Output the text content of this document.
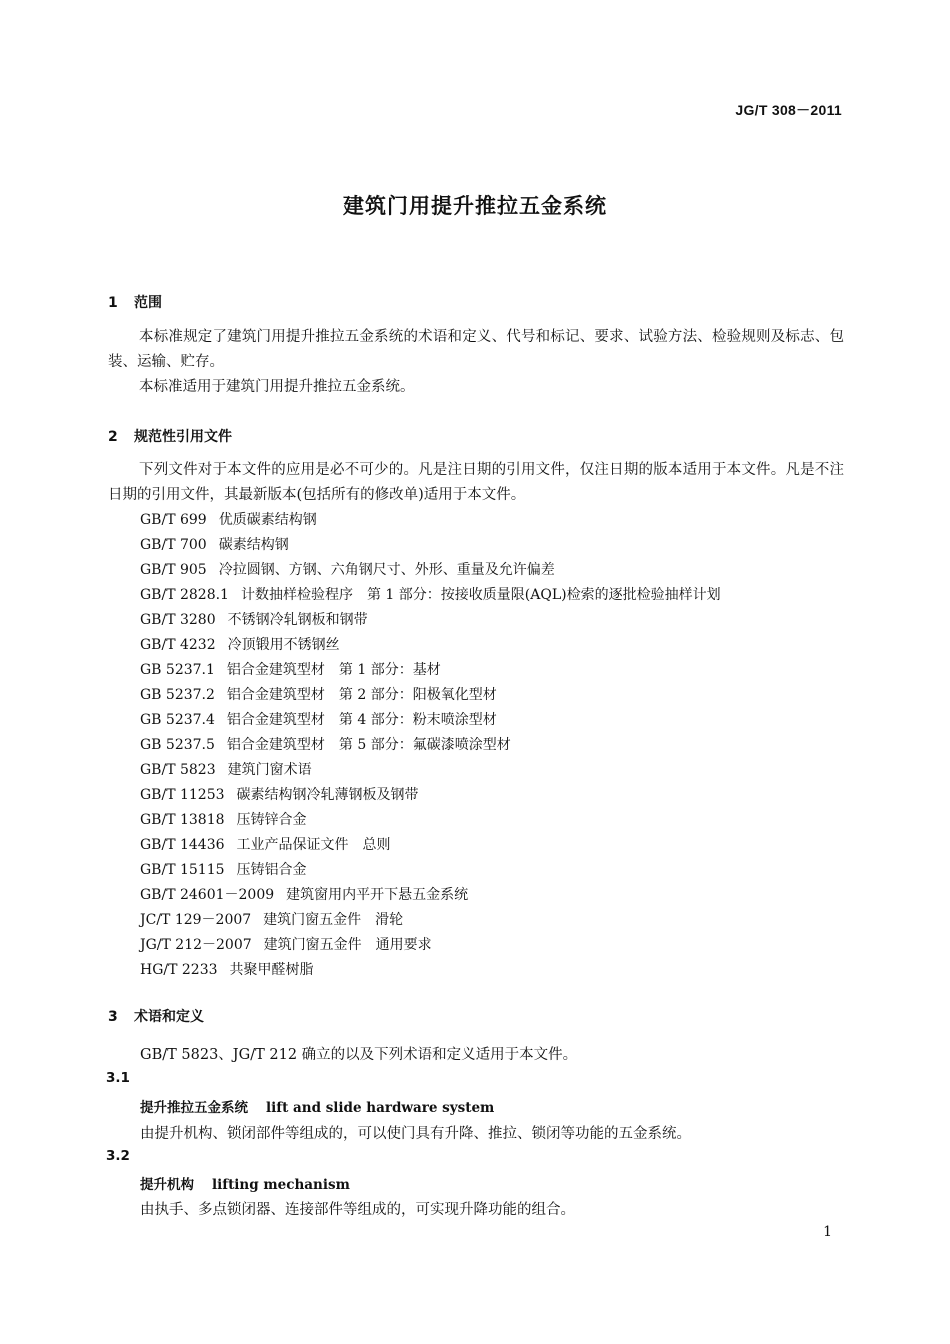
JG/T 308－2011
建筑门用提升推拉五金系统
1 范围
本标准规定了建筑门用提升推拉五金系统的术语和定义、代号和标记、要求、试验方法、检验规则及标志、包装、运输、贮存。
本标准适用于建筑门用提升推拉五金系统。
2 规范性引用文件
下列文件对于本文件的应用是必不可少的。凡是注日期的引用文件，仅注日期的版本适用于本文件。凡是不注日期的引用文件，其最新版本(包括所有的修改单)适用于本文件。
GB/T 699 优质碳素结构钢
GB/T 700 碳素结构钢
GB/T 905 冷拉圆钢、方钢、六角钢尺寸、外形、重量及允许偏差
GB/T 2828.1 计数抽样检验程序　第 1 部分：按接收质量限(AQL)检索的逐批检验抽样计划
GB/T 3280 不锈钢冷轧钢板和钢带
GB/T 4232 冷顶锻用不锈钢丝
GB 5237.1 铝合金建筑型材　第 1 部分：基材
GB 5237.2 铝合金建筑型材　第 2 部分：阳极氧化型材
GB 5237.4 铝合金建筑型材　第 4 部分：粉末喷涂型材
GB 5237.5 铝合金建筑型材　第 5 部分：氟碳漆喷涂型材
GB/T 5823 建筑门窗术语
GB/T 11253 碳素结构钢冷轧薄钢板及钢带
GB/T 13818 压铸锌合金
GB/T 14436 工业产品保证文件　总则
GB/T 15115 压铸铝合金
GB/T 24601－2009 建筑窗用内平开下悬五金系统
JC/T 129－2007 建筑门窗五金件　滑轮
JG/T 212－2007 建筑门窗五金件　通用要求
HG/T 2233 共聚甲醛树脂
3 术语和定义
GB/T 5823、JG/T 212 确立的以及下列术语和定义适用于本文件。
3.1
提升推拉五金系统 lift and slide hardware system
由提升机构、锁闭部件等组成的，可以使门具有升降、推拉、锁闭等功能的五金系统。
3.2
提升机构 lifting mechanism
由执手、多点锁闭器、连接部件等组成的，可实现升降功能的组合。
1
